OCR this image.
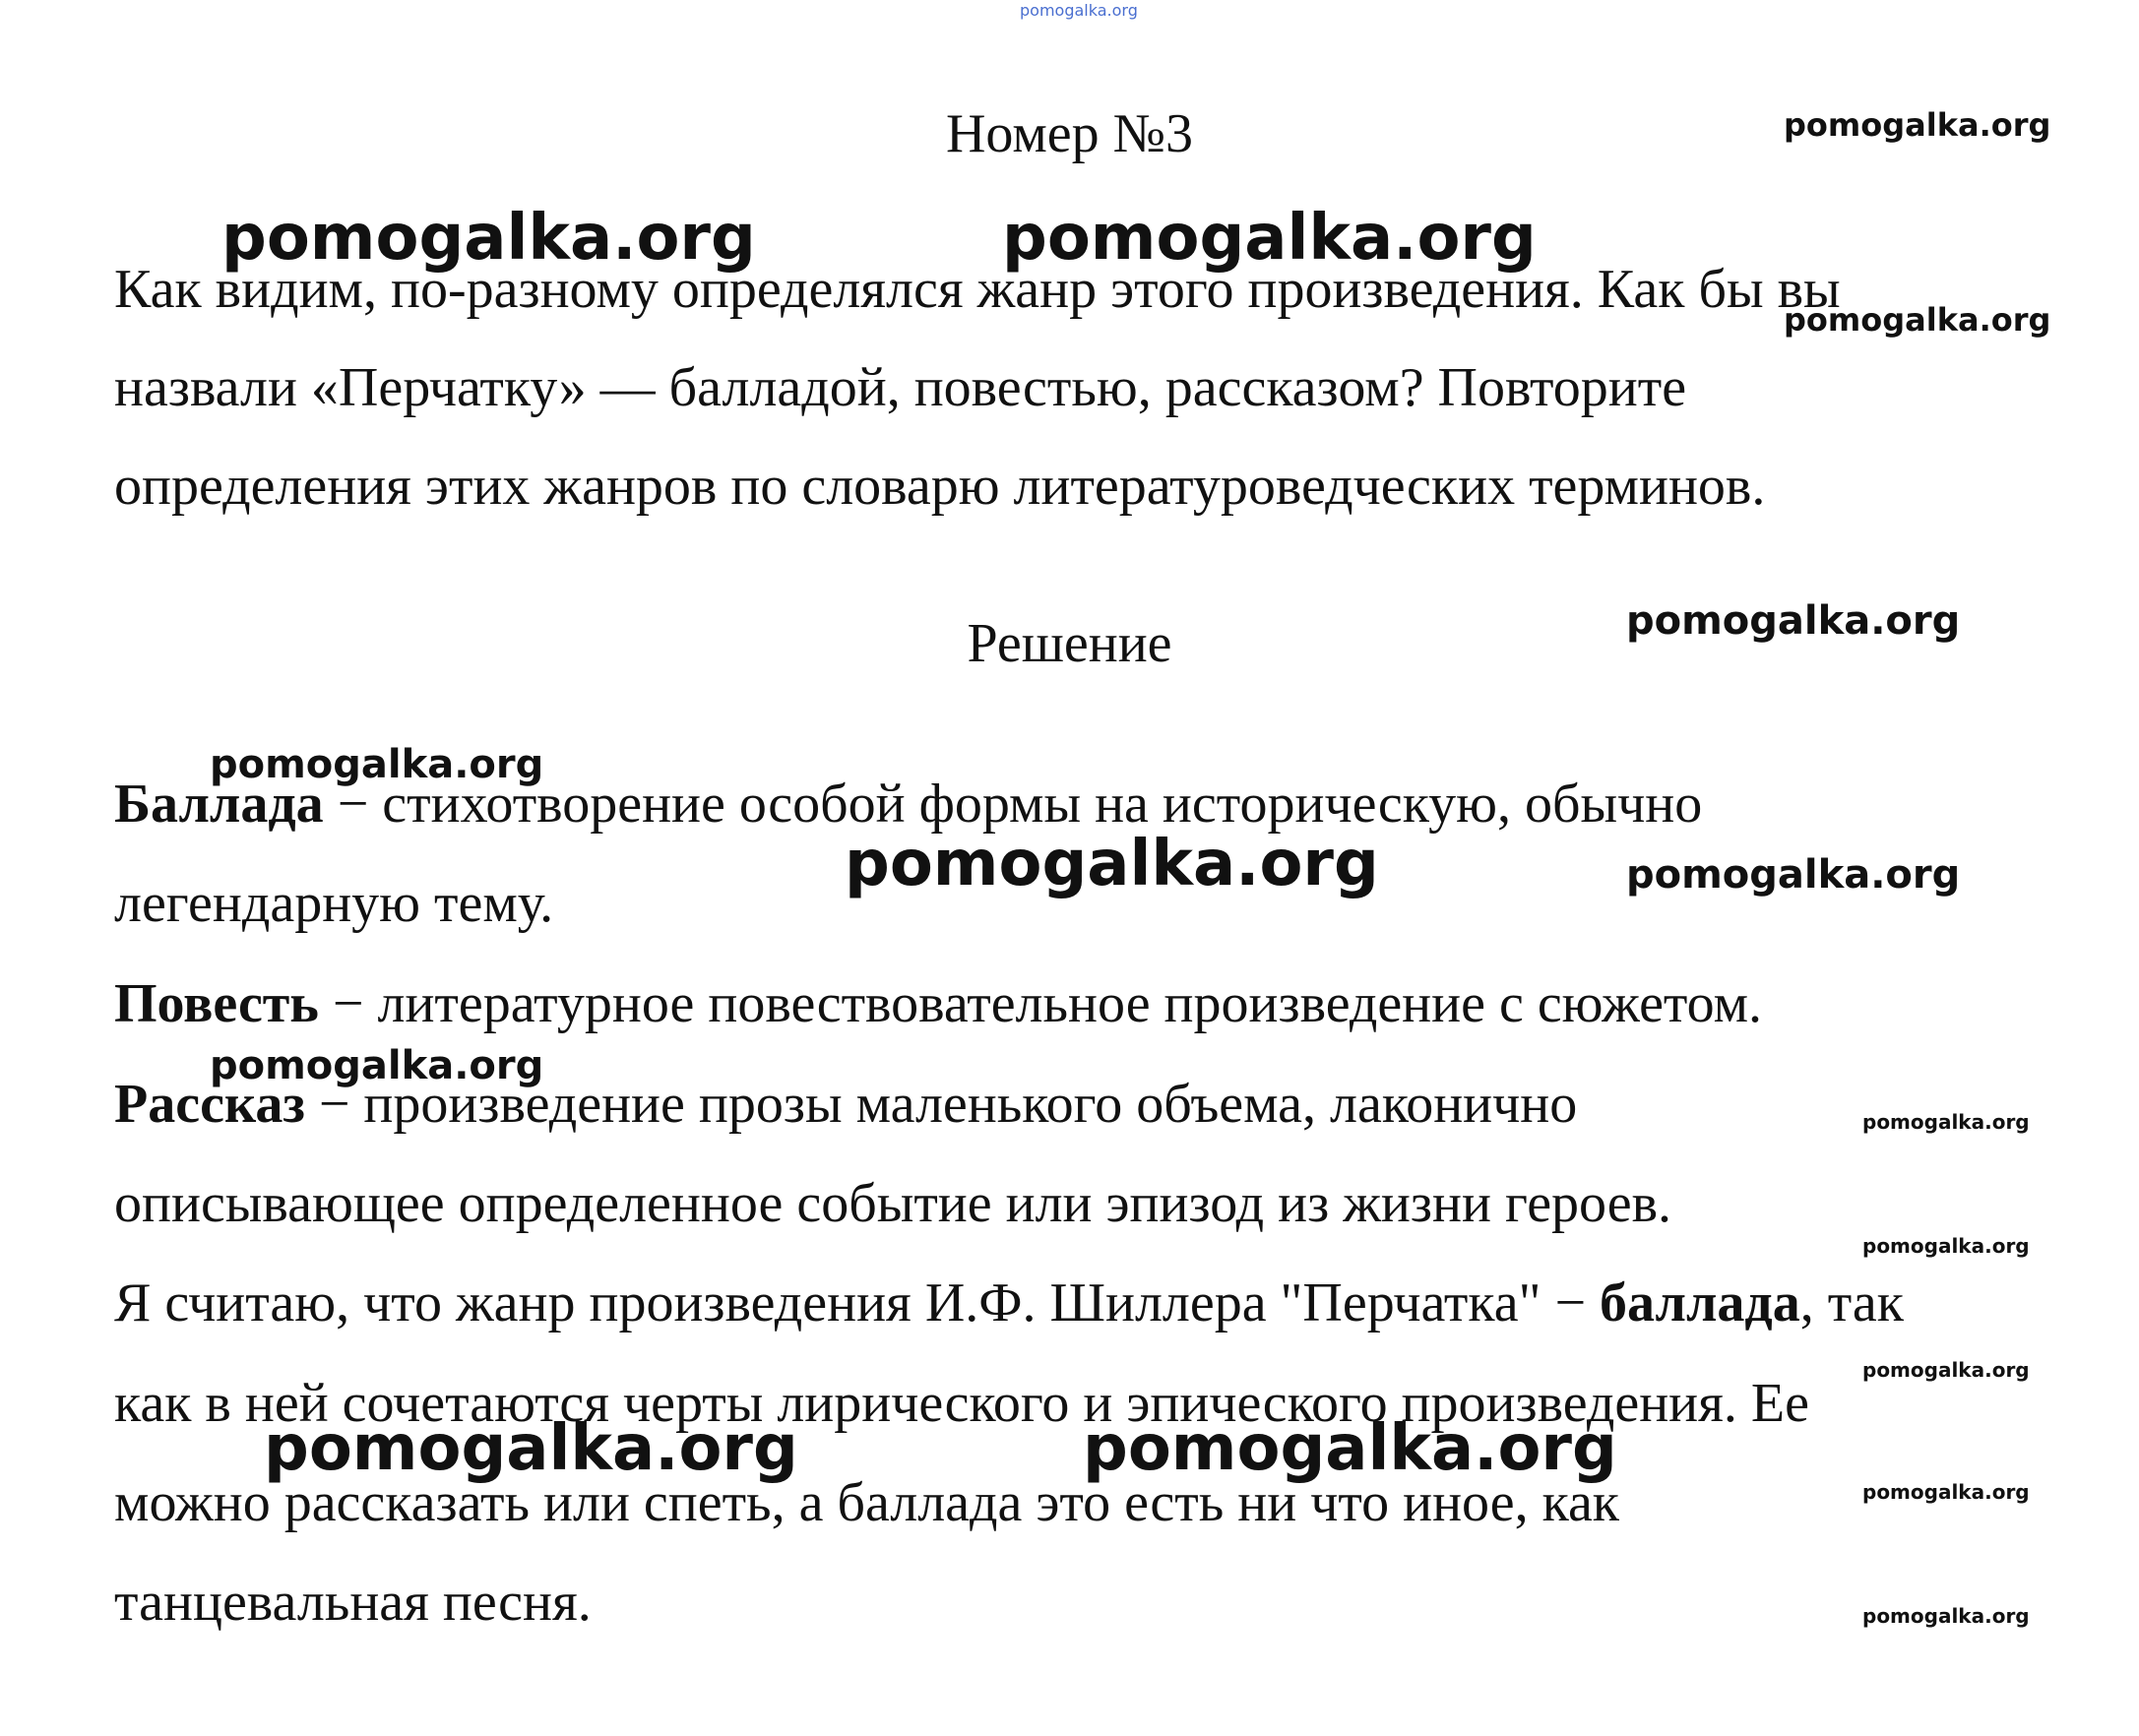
Номер №3
Как видим, по-разному определялся жанр этого произведения. Как бы вы
назвали «Перчатку» — балладой, повестью, рассказом? Повторите
определения этих жанров по словарю литературоведческих терминов.
Решение
Баллада − стихотворение особой формы на историческую, обычно
легендарную тему.
Повесть − литературное повествовательное произведение с сюжетом.
Рассказ − произведение прозы маленького объема, лаконично
описывающее определенное событие или эпизод из жизни героев.
Я считаю, что жанр произведения И.Ф. Шиллера "Перчатка" − баллада, так
как в ней сочетаются черты лирического и эпического произведения. Ее
можно рассказать или спеть, а баллада это есть ни что иное, как
танцевальная песня.
pomogalka.org
pomogalka.org
pomogalka.org	pomogalka.org
pomogalka.org
pomogalka.org
pomogalka.org
pomogalka.org	pomogalka.org
pomogalka.org
pomogalka.org
pomogalka.org
pomogalka.org
pomogalka.org	pomogalka.org
pomogalka.org
pomogalka.org
